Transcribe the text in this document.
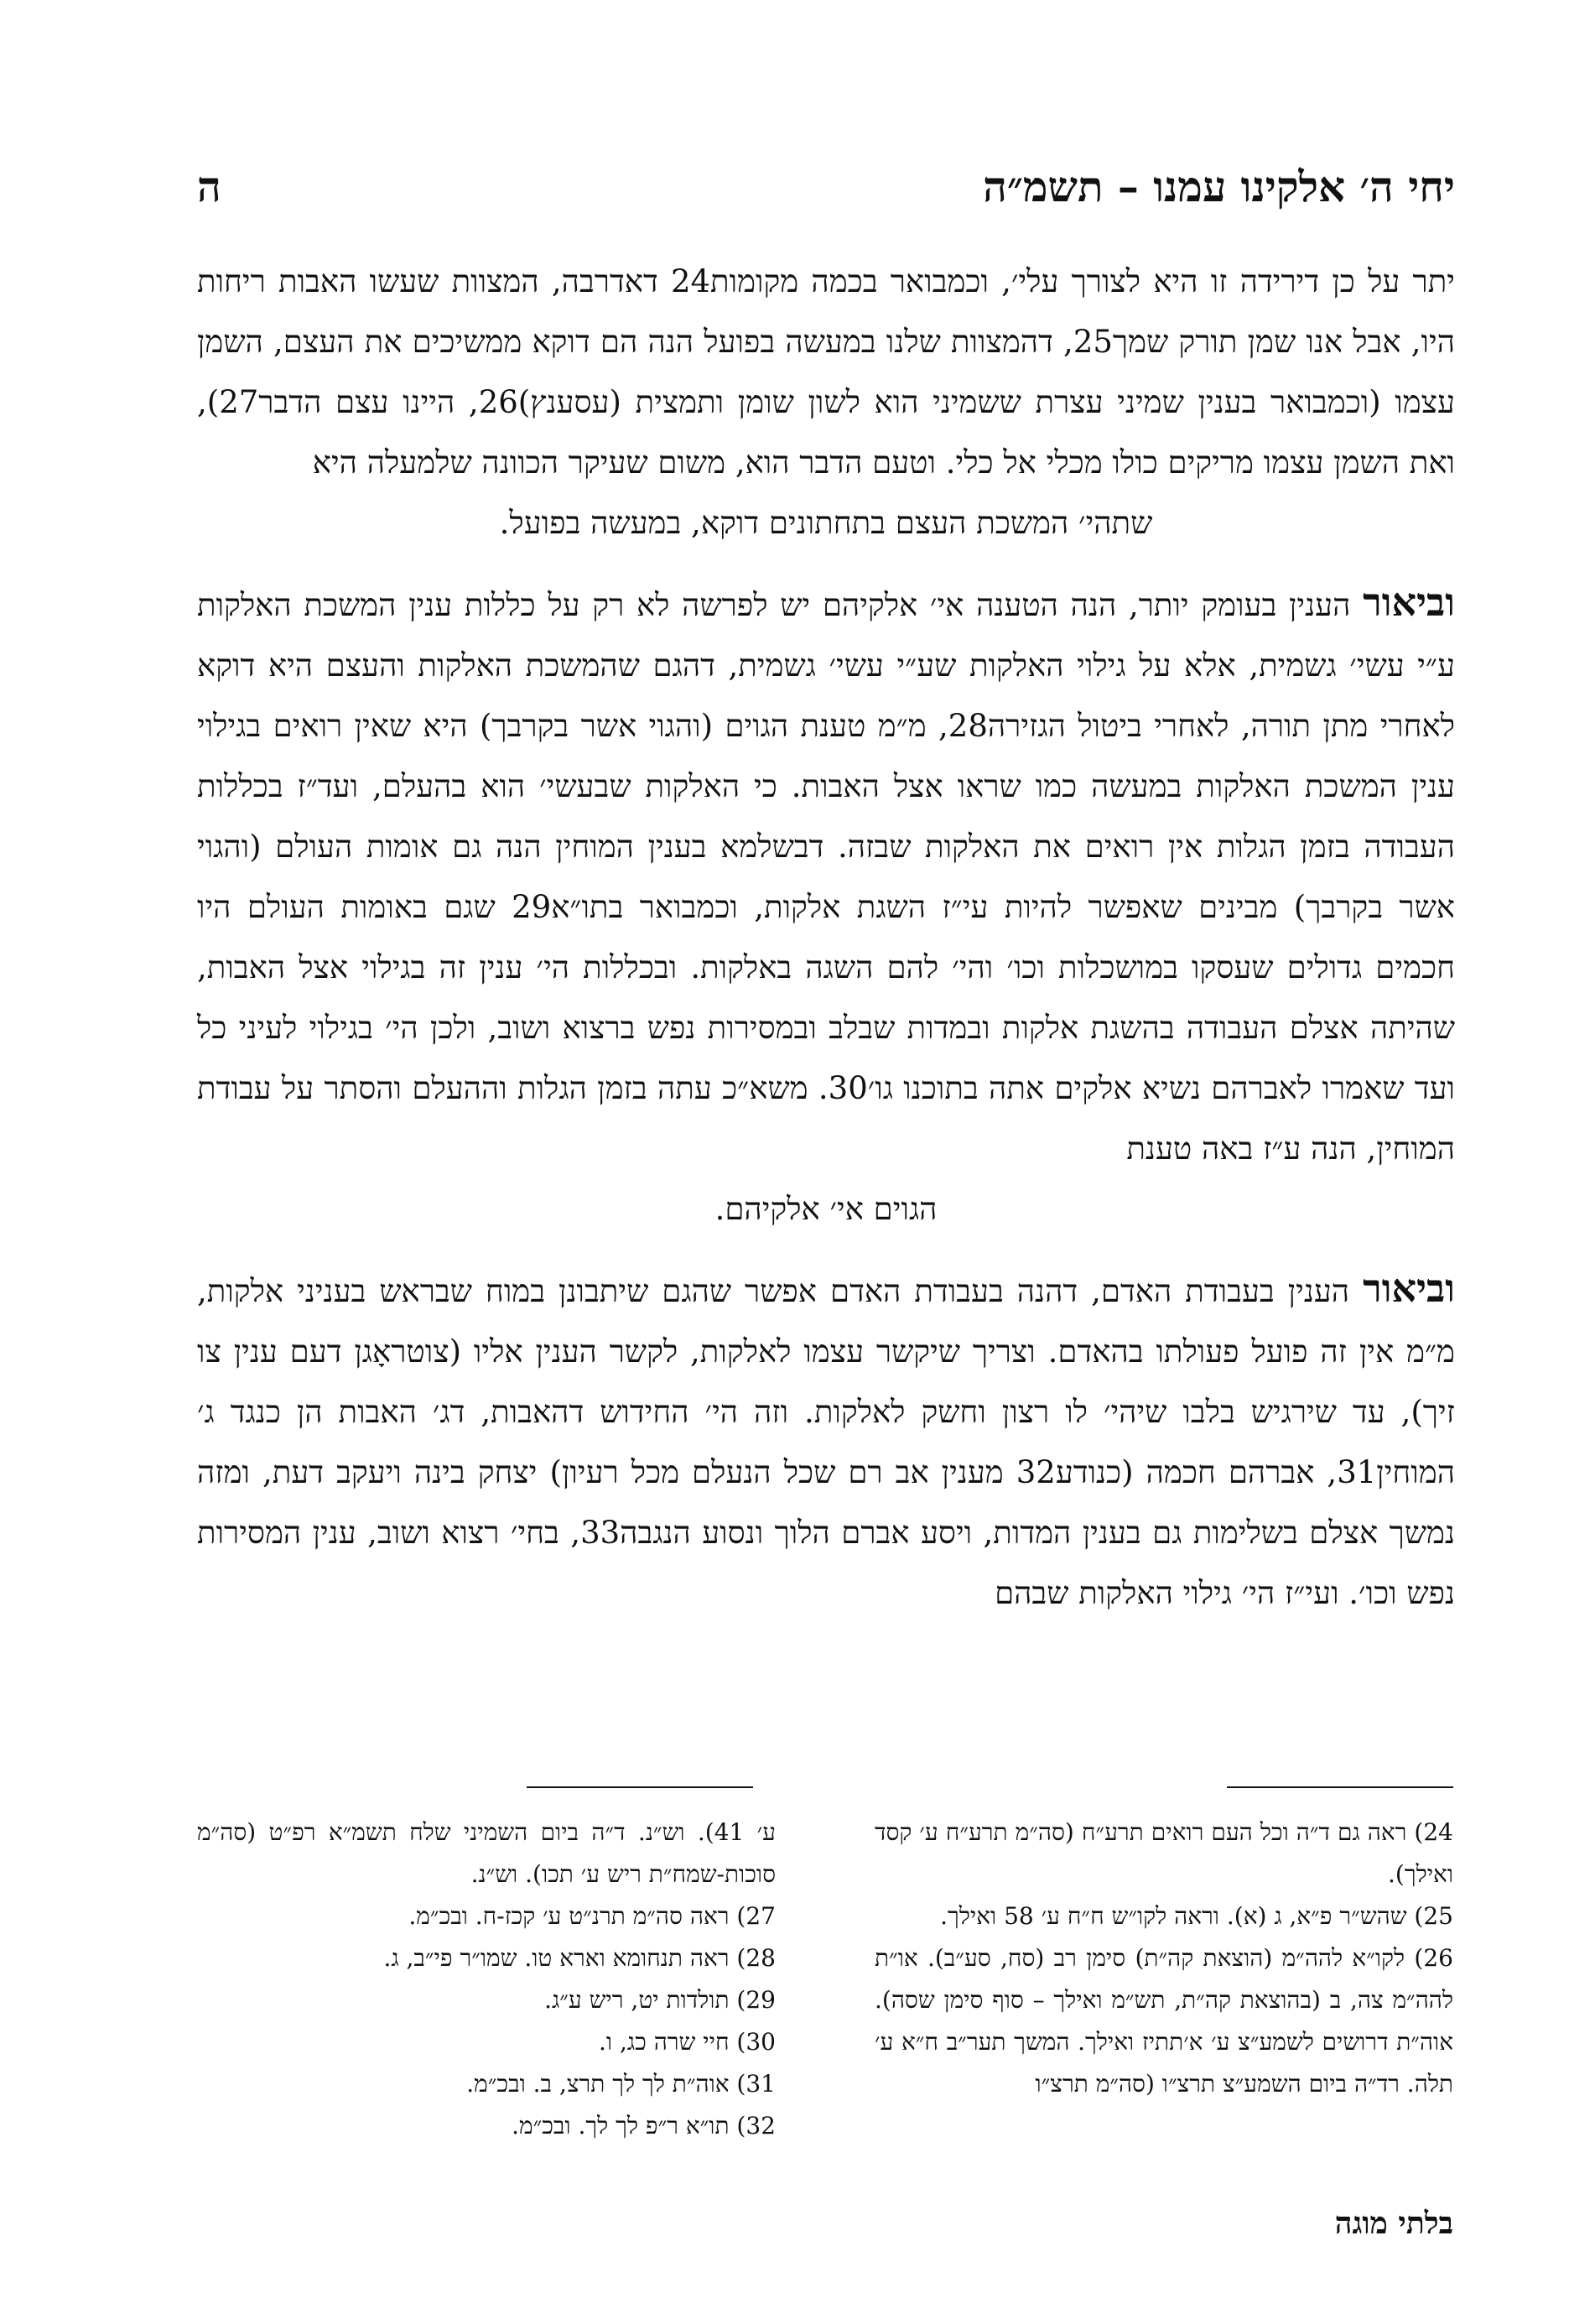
יחי ה׳ אלקינו עמנו – תשמ״ה
ה

יתר על כן דירידה זו היא לצורך עלי׳, וכמבואר בכמה מקומות24 דאדרבה, המצוות שעשו האבות ריחות היו, אבל אנו שמן תורק שמך25, דהמצוות שלנו במעשה בפועל הנה הם דוקא ממשיכים את העצם, השמן עצמו (וכמבואר בענין שמיני עצרת ששמיני הוא לשון שומן ותמצית (עסענץ)26, היינו עצם הדבר27), ואת השמן עצמו מריקים כולו מכלי אל כלי. וטעם הדבר הוא, משום שעיקר הכוונה שלמעלה היא

שתהי׳ המשכת העצם בתחתונים דוקא, במעשה בפועל.

וביאור הענין בעומק יותר, הנה הטענה אי׳ אלקיהם יש לפרשה לא רק על כללות ענין המשכת האלקות ע״י עשי׳ גשמית, אלא על גילוי האלקות שע״י עשי׳ גשמית, דהגם שהמשכת האלקות והעצם היא דוקא לאחרי מתן תורה, לאחרי ביטול הגזירה28, מ״מ טענת הגוים (והגוי אשר בקרבך) היא שאין רואים בגילוי ענין המשכת האלקות במעשה כמו שראו אצל האבות. כי האלקות שבעשי׳ הוא בהעלם, ועד״ז בכללות העבודה בזמן הגלות אין רואים את האלקות שבזה. דבשלמא בענין המוחין הנה גם אומות העולם (והגוי אשר בקרבך) מבינים שאפשר להיות עי״ז השגת אלקות, וכמבואר בתו״א29 שגם באומות העולם היו חכמים גדולים שעסקו במושכלות וכו׳ והי׳ להם השגה באלקות. ובכללות הי׳ ענין זה בגילוי אצל האבות, שהיתה אצלם העבודה בהשגת אלקות ובמדות שבלב ובמסירות נפש ברצוא ושוב, ולכן הי׳ בגילוי לעיני כל ועד שאמרו לאברהם נשיא אלקים אתה בתוכנו גו׳30. משא״כ עתה בזמן הגלות וההעלם והסתר על עבודת המוחין, הנה ע״ז באה טענת

הגוים אי׳ אלקיהם.

וביאור הענין בעבודת האדם, דהנה בעבודת האדם אפשר שהגם שיתבונן במוח שבראש בעניני אלקות, מ״מ אין זה פועל פעולתו בהאדם. וצריך שיקשר עצמו לאלקות, לקשר הענין אליו (צוטראָגן דעם ענין צו זיך), עד שירגיש בלבו שיהי׳ לו רצון וחשק לאלקות. וזה הי׳ החידוש דהאבות, דג׳ האבות הן כנגד ג׳ המוחין31, אברהם חכמה (כנודע32 מענין אב רם שכל הנעלם מכל רעיון) יצחק בינה ויעקב דעת, ומזה נמשך אצלם בשלימות גם בענין המדות, ויסע אברם הלוך ונסוע הנגבה33, בחי׳ רצוא ושוב, ענין המסירות נפש וכו׳. ועי״ז הי׳ גילוי האלקות שבהם

24) ראה גם ד״ה וכל העם רואים תרע״ח (סה״מ תרע״ח ע׳ קסד ואילך).

25) שהש״ר פ״א, ג (א). וראה לקו״ש ח״ח ע׳ 58 ואילך.

26) לקו״א להה״מ (הוצאת קה״ת) סימן רב (סח, סע״ב). או״ת להה״מ צה, ב (בהוצאת קה״ת, תש״מ ואילך – סוף סימן שסה). אוה״ת דרושים לשמע״צ ע׳ א׳תתיז ואילך. המשך תער״ב ח״א ע׳ תלה. רד״ה ביום השמע״צ תרצ״ו (סה״מ תרצ״ו

ע׳ 41). וש״נ. ד״ה ביום השמיני שלח תשמ״א רפ״ט (סה״מ סוכות-שמח״ת ריש ע׳ תכו). וש״נ.

27) ראה סה״מ תרנ״ט ע׳ קכז-ח. ובכ״מ.

28) ראה תנחומא וארא טו. שמו״ר פי״ב, ג.

29) תולדות יט, ריש ע״ג.

30) חיי שרה כג, ו.

31) אוה״ת לך לך תרצ, ב. ובכ״מ.

32) תו״א ר״פ לך לך. ובכ״מ.

בלתי מוגה
